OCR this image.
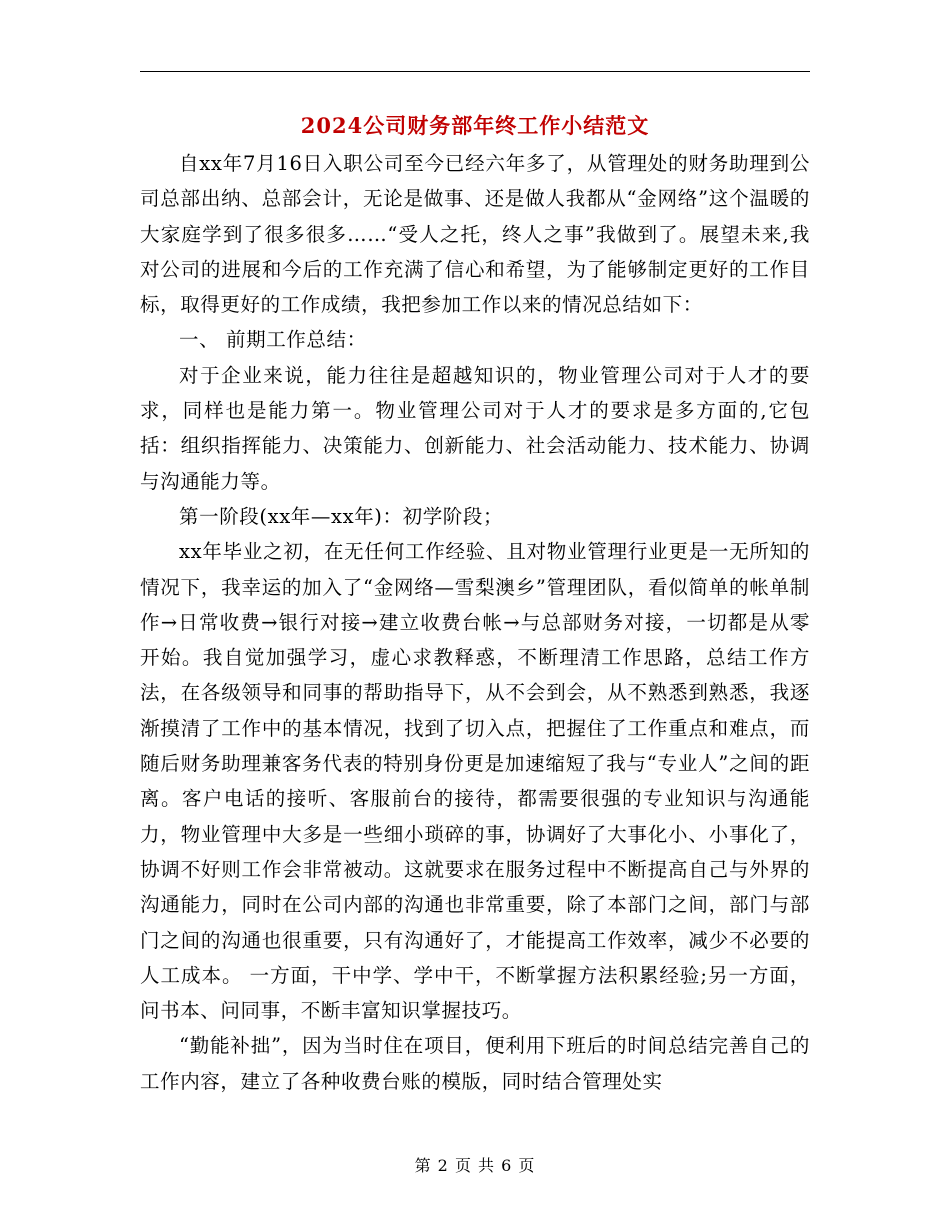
2024公司财务部年终工作小结范文

自xx年7月16日入职公司至今已经六年多了，从管理处的财务助理到公司总部出纳、总部会计，无论是做事、还是做人我都从“金网络”这个温暖的大家庭学到了很多很多……“受人之托，终人之事”我做到了。展望未来,我对公司的进展和今后的工作充满了信心和希望，为了能够制定更好的工作目标，取得更好的工作成绩，我把参加工作以来的情况总结如下：

一、 前期工作总结：

对于企业来说，能力往往是超越知识的，物业管理公司对于人才的要求，同样也是能力第一。物业管理公司对于人才的要求是多方面的,它包括：组织指挥能力、决策能力、创新能力、社会活动能力、技术能力、协调与沟通能力等。

第一阶段(xx年—xx年)：初学阶段；

xx年毕业之初，在无任何工作经验、且对物业管理行业更是一无所知的情况下，我幸运的加入了“金网络—雪梨澳乡”管理团队，看似简单的帐单制作→日常收费→银行对接→建立收费台帐→与总部财务对接，一切都是从零开始。我自觉加强学习，虚心求教释惑，不断理清工作思路，总结工作方法，在各级领导和同事的帮助指导下，从不会到会，从不熟悉到熟悉，我逐渐摸清了工作中的基本情况，找到了切入点，把握住了工作重点和难点，而随后财务助理兼客务代表的特别身份更是加速缩短了我与“专业人”之间的距离。客户电话的接听、客服前台的接待，都需要很强的专业知识与沟通能力，物业管理中大多是一些细小琐碎的事，协调好了大事化小、小事化了，协调不好则工作会非常被动。这就要求在服务过程中不断提高自己与外界的沟通能力，同时在公司内部的沟通也非常重要，除了本部门之间，部门与部门之间的沟通也很重要，只有沟通好了，才能提高工作效率，减少不必要的人工成本。 一方面，干中学、学中干，不断掌握方法积累经验;另一方面，问书本、问同事，不断丰富知识掌握技巧。

“勤能补拙”，因为当时住在项目，便利用下班后的时间总结完善自己的工作内容，建立了各种收费台账的模版，同时结合管理处实

第 2 页 共 6 页
